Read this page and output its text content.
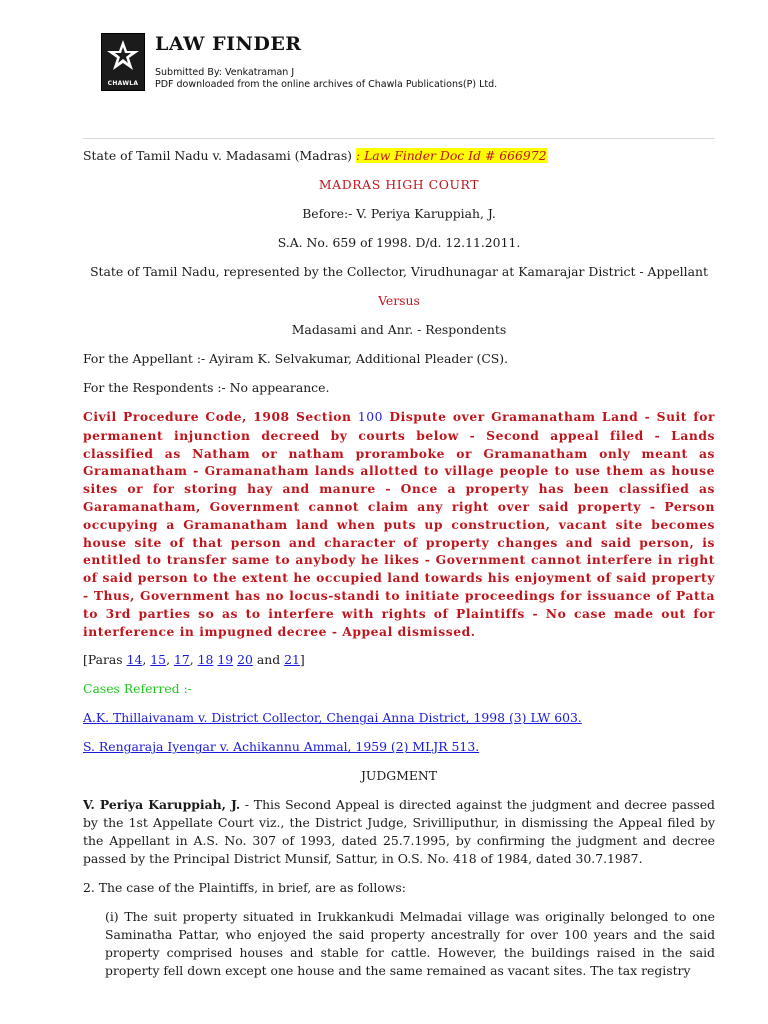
CHAWLA
LAW FINDER
Submitted By: Venkatraman J
PDF downloaded from the online archives of Chawla Publications(P) Ltd.

State of Tamil Nadu v. Madasami (Madras) : Law Finder Doc Id # 666972

MADRAS HIGH COURT

Before:- V. Periya Karuppiah, J.

S.A. No. 659 of 1998. D/d. 12.11.2011.

State of Tamil Nadu, represented by the Collector, Virudhunagar at Kamarajar District - Appellant

Versus

Madasami and Anr. - Respondents

For the Appellant :- Ayiram K. Selvakumar, Additional Pleader (CS).

For the Respondents :- No appearance.

Civil Procedure Code, 1908 Section 100 Dispute over Gramanatham Land - Suit for permanent injunction decreed by courts below - Second appeal filed - Lands classified as Natham or natham proramboke or Gramanatham only meant as Gramanatham - Gramanatham lands allotted to village people to use them as house sites or for storing hay and manure - Once a property has been classified as Garamanatham, Government cannot claim any right over said property - Person occupying a Gramanatham land when puts up construction, vacant site becomes house site of that person and character of property changes and said person, is entitled to transfer same to anybody he likes - Government cannot interfere in right of said person to the extent he occupied land towards his enjoyment of said property - Thus, Government has no locus-standi to initiate proceedings for issuance of Patta to 3rd parties so as to interfere with rights of Plaintiffs - No case made out for interference in impugned decree - Appeal dismissed.

[Paras 14, 15, 17, 18 19 20 and 21]

Cases Referred :-

A.K. Thillaivanam v. District Collector, Chengai Anna District, 1998 (3) LW 603.

S. Rengaraja Iyengar v. Achikannu Ammal, 1959 (2) MLJR 513.

JUDGMENT

V. Periya Karuppiah, J. - This Second Appeal is directed against the judgment and decree passed by the 1st Appellate Court viz., the District Judge, Srivilliputhur, in dismissing the Appeal filed by the Appellant in A.S. No. 307 of 1993, dated 25.7.1995, by confirming the judgment and decree passed by the Principal District Munsif, Sattur, in O.S. No. 418 of 1984, dated 30.7.1987.

2. The case of the Plaintiffs, in brief, are as follows:

(i) The suit property situated in Irukkankudi Melmadai village was originally belonged to one Saminatha Pattar, who enjoyed the said property ancestrally for over 100 years and the said property comprised houses and stable for cattle. However, the buildings raised in the said property fell down except one house and the same remained as vacant sites. The tax registry
